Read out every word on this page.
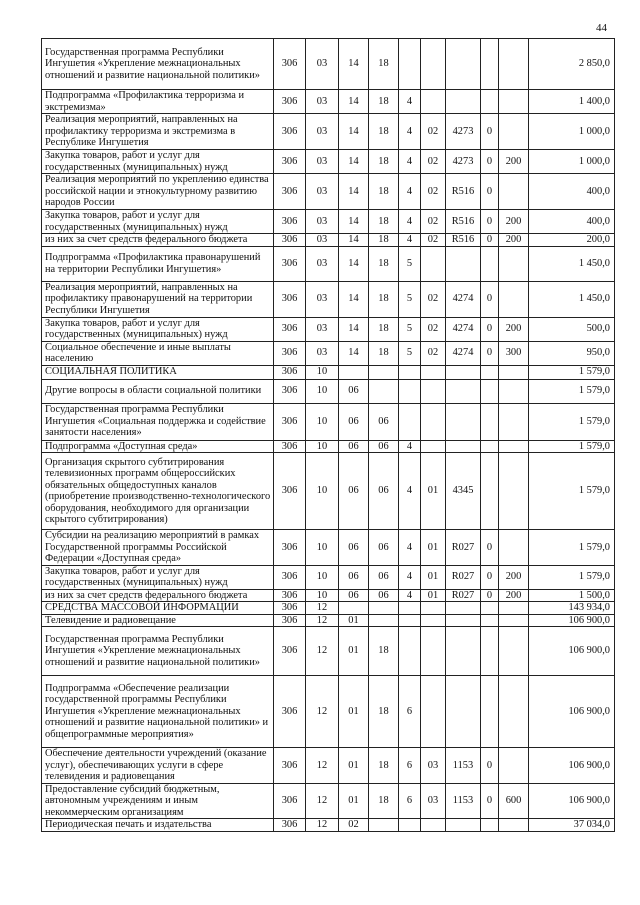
44
Государственная программа Республики Ингушетия «Укрепление межнациональных отношений и развитие национальной политики»	306	03	14	18						2 850,0
Подпрограмма «Профилактика терроризма и экстремизма»	306	03	14	18	4					1 400,0
Реализация мероприятий, направленных на профилактику терроризма и экстремизма в Республике Ингушетия	306	03	14	18	4	02	4273	0		1 000,0
Закупка товаров, работ и услуг для государственных (муниципальных) нужд	306	03	14	18	4	02	4273	0	200	1 000,0
Реализация мероприятий по укреплению единства российской нации и этнокультурному развитию народов России	306	03	14	18	4	02	R516	0		400,0
Закупка товаров, работ и услуг для государственных (муниципальных) нужд	306	03	14	18	4	02	R516	0	200	400,0
из них за счет средств федерального бюджета	306	03	14	18	4	02	R516	0	200	200,0
Подпрограмма «Профилактика правонарушений на территории Республики Ингушетия»	306	03	14	18	5					1 450,0
Реализация мероприятий, направленных на профилактику правонарушений на территории Республики Ингушетия	306	03	14	18	5	02	4274	0		1 450,0
Закупка товаров, работ и услуг для государственных (муниципальных) нужд	306	03	14	18	5	02	4274	0	200	500,0
Социальное обеспечение и иные выплаты населению	306	03	14	18	5	02	4274	0	300	950,0
СОЦИАЛЬНАЯ ПОЛИТИКА	306	10								1 579,0
Другие вопросы в области социальной политики	306	10	06							1 579,0
Государственная программа Республики Ингушетия «Социальная поддержка и содействие занятости населения»	306	10	06	06						1 579,0
Подпрограмма «Доступная среда»	306	10	06	06	4					1 579,0
Организация скрытого субтитрирования телевизионных программ общероссийских обязательных общедоступных каналов (приобретение производственно-технологического оборудования, необходимого для организации скрытого субтитрирования)	306	10	06	06	4	01	4345			1 579,0
Субсидии на реализацию мероприятий в рамках Государственной программы Российской Федерации «Доступная среда»	306	10	06	06	4	01	R027	0		1 579,0
Закупка товаров, работ и услуг для государственных (муниципальных) нужд	306	10	06	06	4	01	R027	0	200	1 579,0
из них за счет средств федерального бюджета	306	10	06	06	4	01	R027	0	200	1 500,0
СРЕДСТВА МАССОВОЙ ИНФОРМАЦИИ	306	12								143 934,0
Телевидение и радиовещание	306	12	01							106 900,0
Государственная программа Республики Ингушетия «Укрепление межнациональных отношений и развитие национальной политики»	306	12	01	18						106 900,0
Подпрограмма «Обеспечение реализации государственной программы Республики Ингушетия «Укрепление межнациональных отношений и развитие национальной политики» и общепрограммные мероприятия»	306	12	01	18	6					106 900,0
Обеспечение деятельности учреждений (оказание услуг), обеспечивающих услуги в сфере телевидения и радиовещания	306	12	01	18	6	03	1153	0		106 900,0
Предоставление субсидий бюджетным, автономным учреждениям и иным некоммерческим организациям	306	12	01	18	6	03	1153	0	600	106 900,0
Периодическая печать и издательства	306	12	02							37 034,0
